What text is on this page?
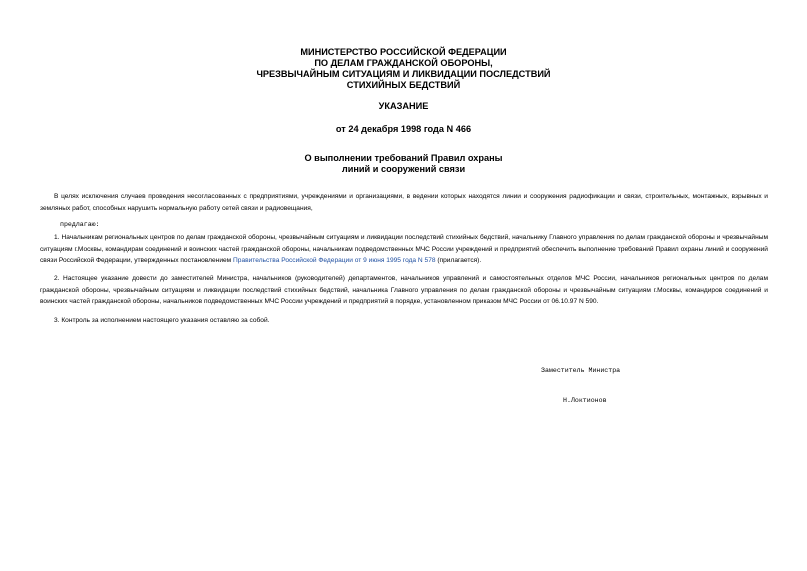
МИНИСТЕРСТВО РОССИЙСКОЙ ФЕДЕРАЦИИ
ПО ДЕЛАМ ГРАЖДАНСКОЙ ОБОРОНЫ,
ЧРЕЗВЫЧАЙНЫМ СИТУАЦИЯМ И ЛИКВИДАЦИИ ПОСЛЕДСТВИЙ
СТИХИЙНЫХ БЕДСТВИЙ
УКАЗАНИЕ
от 24 декабря 1998 года N 466
О выполнении требований Правил охраны
линий и сооружений связи
В целях исключения случаев проведения несогласованных с предприятиями, учреждениями и организациями, в ведении которых находятся линии и сооружения радиофикации и связи, строительных, монтажных, взрывных и земляных работ, способных нарушить нормальную работу сетей связи и радиовещания,
предлагаю:
1. Начальникам региональных центров по делам гражданской обороны, чрезвычайным ситуациям и ликвидации последствий стихийных бедствий, начальнику Главного управления по делам гражданской обороны и чрезвычайным ситуациям г.Москвы, командирам соединений и воинских частей гражданской обороны, начальникам подведомственных МЧС России учреждений и предприятий обеспечить выполнение требований Правил охраны линий и сооружений связи Российской Федерации, утвержденных постановлением Правительства Российской Федерации от 9 июня 1995 года N 578 (прилагается).
2. Настоящее указание довести до заместителей Министра, начальников (руководителей) департаментов, начальников управлений и самостоятельных отделов МЧС России, начальников региональных центров по делам гражданской обороны, чрезвычайным ситуациям и ликвидации последствий стихийных бедствий, начальника Главного управления по делам гражданской обороны и чрезвычайным ситуациям г.Москвы, командиров соединений и воинских частей гражданской обороны, начальников подведомственных МЧС России учреждений и предприятий в порядке, установленном приказом МЧС России от 06.10.97 N 590.
3. Контроль за исполнением настоящего указания оставляю за собой.

Заместитель Министра

Н.Локтионов
